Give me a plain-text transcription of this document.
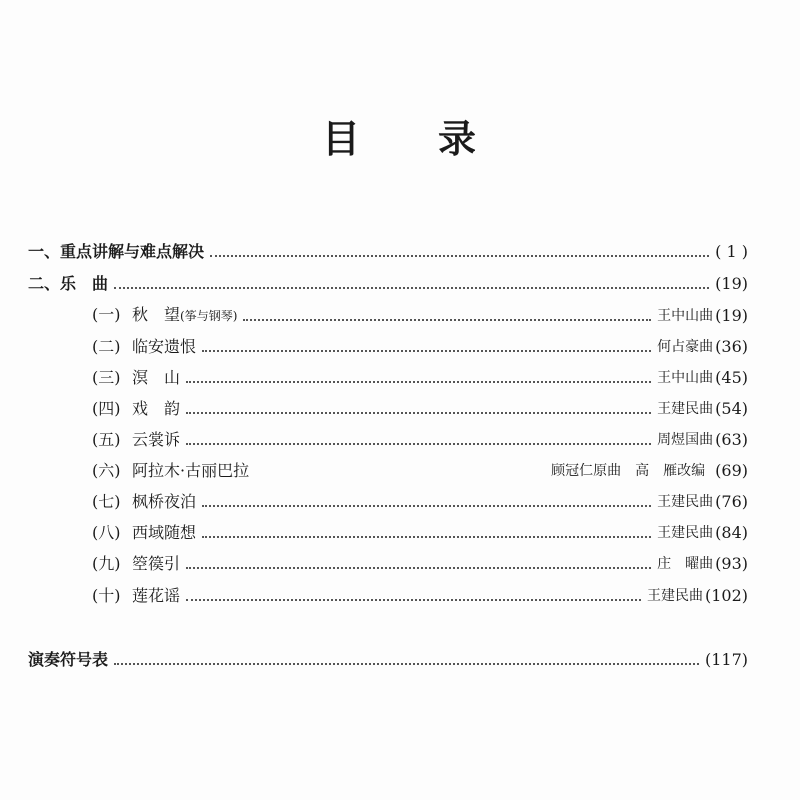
目 录
一、重点讲解与难点解决	( 1 )
二、乐　曲	(19)
(一) 秋　望(筝与钢琴)	王中山曲 (19)
(二) 临安遗恨	何占豪曲 (36)
(三) 溟　山	王中山曲 (45)
(四) 戏　韵	王建民曲 (54)
(五) 云裳诉	周煜国曲 (63)
(六) 阿拉木·古丽巴拉	顾冠仁原曲　高　雁改编 (69)
(七) 枫桥夜泊	王建民曲 (76)
(八) 西域随想	王建民曲 (84)
(九) 箜篌引	庄　曜曲 (93)
(十) 莲花谣	王建民曲 (102)
演奏符号表	(117)
